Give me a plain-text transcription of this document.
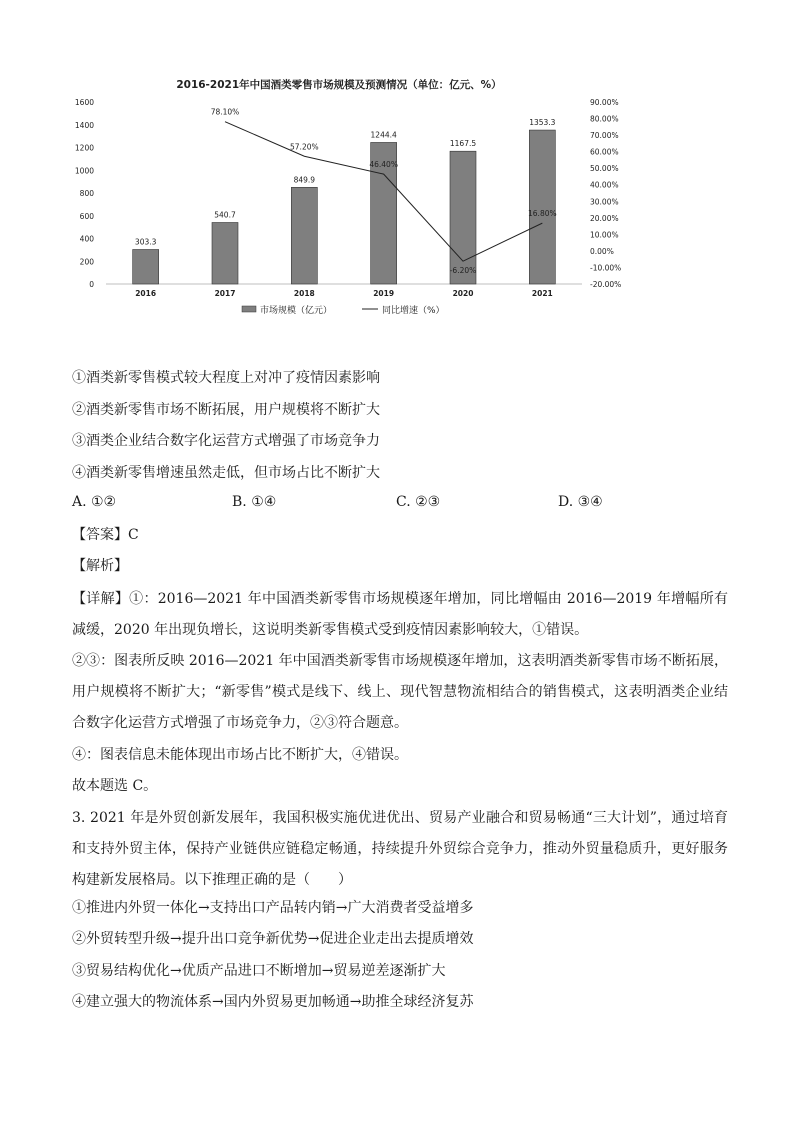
2016-2021年中国酒类零售市场规模及预测情况（单位：亿元、%）
1600
1400
1200
1000
800
600
400
200
0
90.00%
80.00%
70.00%
60.00%
50.00%
40.00%
30.00%
20.00%
10.00%
0.00%
-10.00%
-20.00%
303.3
540.7
849.9
1244.4
1167.5
1353.3
2016	2017	2018	2019	2020	2021
78.10%
57.20%
46.40%
-6.20%
16.80%
市场规模（亿元）	同比增速（%）
①酒类新零售模式较大程度上对冲了疫情因素影响
②酒类新零售市场不断拓展，用户规模将不断扩大
③酒类企业结合数字化运营方式增强了市场竞争力
④酒类新零售增速虽然走低，但市场占比不断扩大
A. ①②	B. ①④	C. ②③	D. ③④
【答案】C
【解析】
【详解】①：2016—2021 年中国酒类新零售市场规模逐年增加，同比增幅由 2016—2019 年增幅所有减缓，2020 年出现负增长，这说明类新零售模式受到疫情因素影响较大，①错误。
②③：图表所反映 2016—2021 年中国酒类新零售市场规模逐年增加，这表明酒类新零售市场不断拓展，用户规模将不断扩大；“新零售”模式是线下、线上、现代智慧物流相结合的销售模式，这表明酒类企业结合数字化运营方式增强了市场竞争力，②③符合题意。
④：图表信息未能体现出市场占比不断扩大，④错误。
故本题选 C。
3. 2021 年是外贸创新发展年，我国积极实施优进优出、贸易产业融合和贸易畅通“三大计划”，通过培育和支持外贸主体，保持产业链供应链稳定畅通，持续提升外贸综合竞争力，推动外贸量稳质升，更好服务构建新发展格局。以下推理正确的是（　　）
①推进内外贸一体化→支持出口产品转内销→广大消费者受益增多
②外贸转型升级→提升出口竞争新优势→促进企业走出去提质增效
③贸易结构优化→优质产品进口不断增加→贸易逆差逐渐扩大
④建立强大的物流体系→国内外贸易更加畅通→助推全球经济复苏
